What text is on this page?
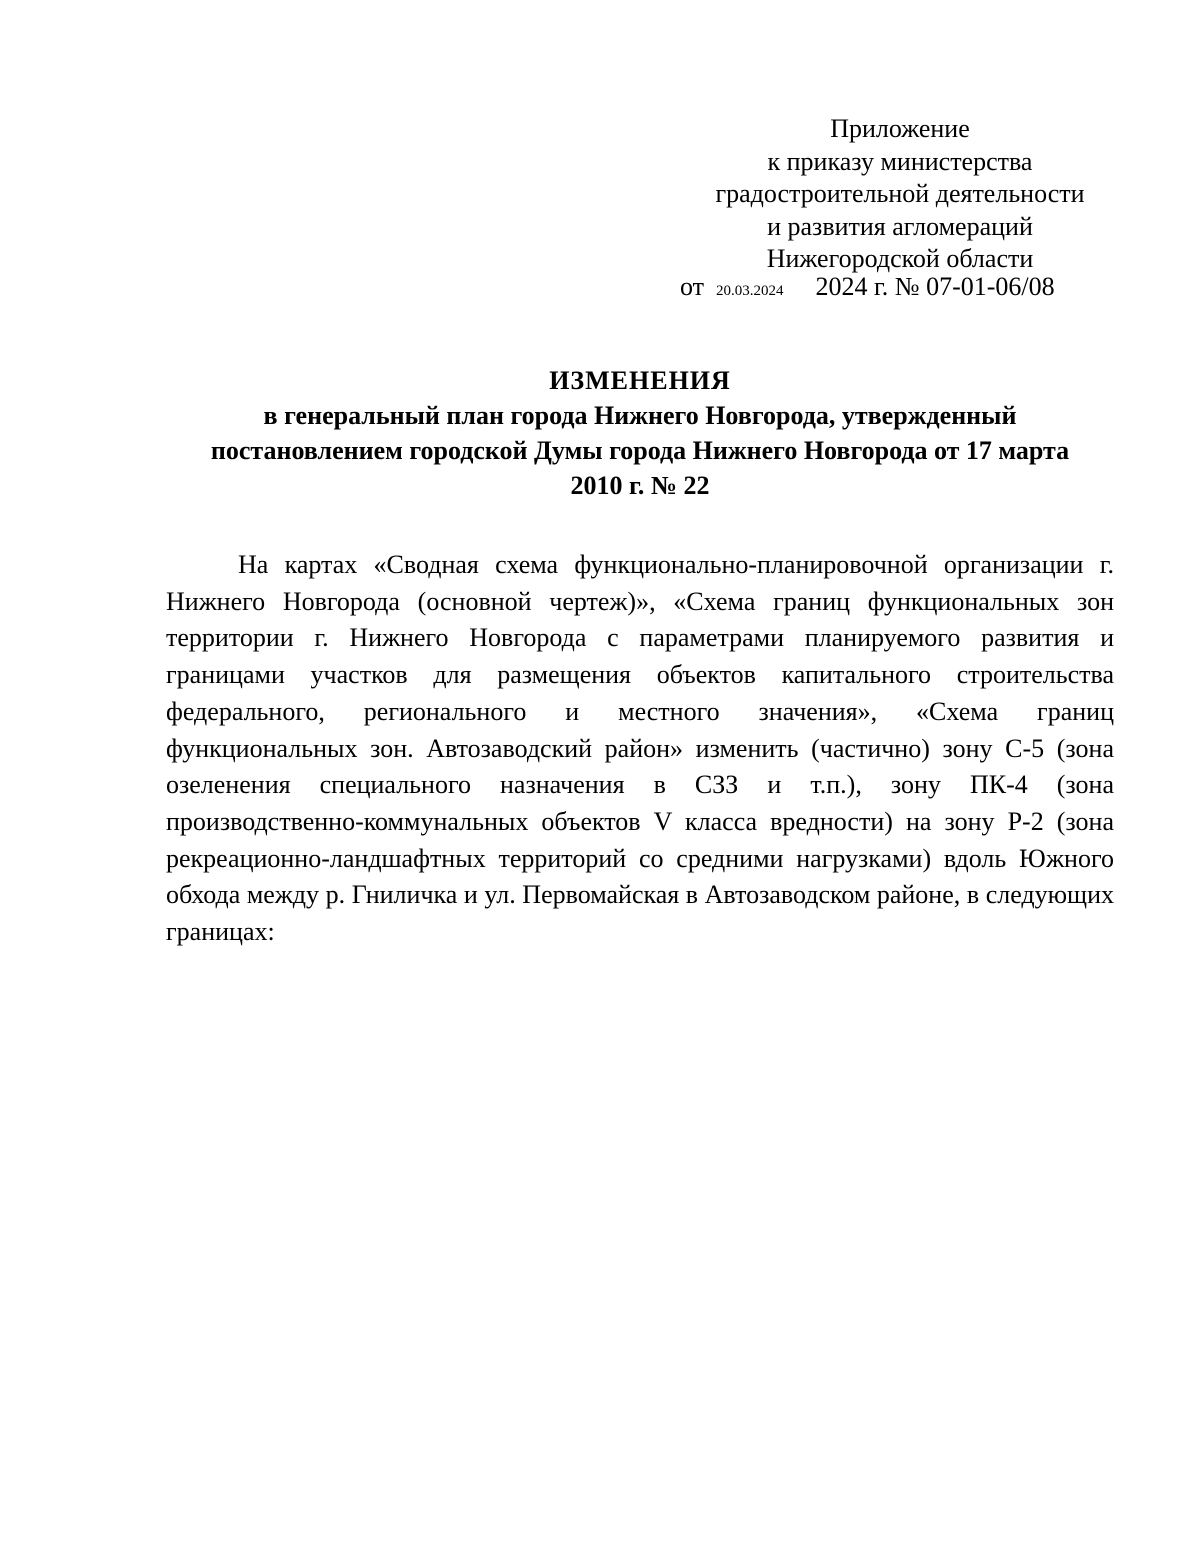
Приложение
к приказу министерства
градостроительной деятельности
и развития агломераций
Нижегородской области
от 20.03.2024 2024 г. № 07-01-06/08
ИЗМЕНЕНИЯ
в генеральный план города Нижнего Новгорода, утвержденный
постановлением городской Думы города Нижнего Новгорода от 17 марта
2010 г. № 22

На картах «Сводная схема функционально-планировочной организации г. Нижнего Новгорода (основной чертеж)», «Схема границ функциональных зон территории г. Нижнего Новгорода с параметрами планируемого развития и границами участков для размещения объектов капитального строительства федерального, регионального и местного значения», «Схема границ функциональных зон. Автозаводский район» изменить (частично) зону С-5 (зона озеленения специального назначения в СЗЗ и т.п.), зону ПК-4 (зона производственно-коммунальных объектов V класса вредности) на зону Р-2 (зона рекреационно-ландшафтных территорий со средними нагрузками) вдоль Южного обхода между р. Гниличка и ул. Первомайская в Автозаводском районе, в следующих границах:
